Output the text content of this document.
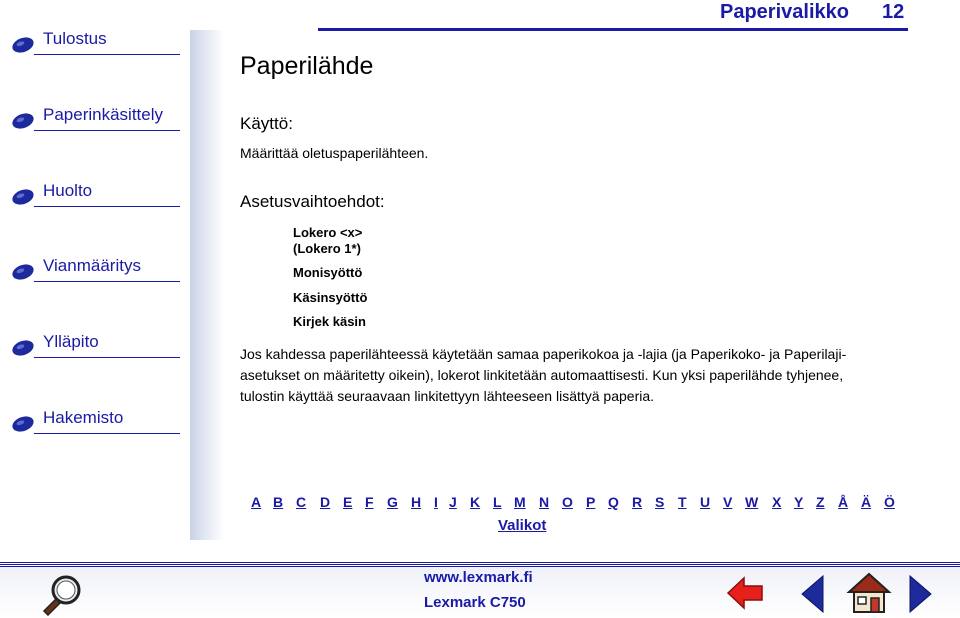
Tulostus
Paperinkäsittely
Huolto
Vianmääritys
Ylläpito
Hakemisto
Paperivalikko 12
Paperilähde
Käyttö:
Määrittää oletuspaperilähteen.
Asetusvaihtoehdot:
Lokero <x>
(Lokero 1*)
Monisyöttö
Käsinsyöttö
Kirjek käsin
Jos kahdessa paperilähteessä käytetään samaa paperikokoa ja -lajia (ja Paperikoko- ja Paperilaji-asetukset on määritetty oikein), lokerot linkitetään automaattisesti. Kun yksi paperilähde tyhjenee, tulostin käyttää seuraavaan linkitettyyn lähteeseen lisättyä paperia.
A B C D E F G H I J K L M N O P Q R S T U V W X Y Z Å Ä Ö
Valikot
www.lexmark.fi
Lexmark C750
